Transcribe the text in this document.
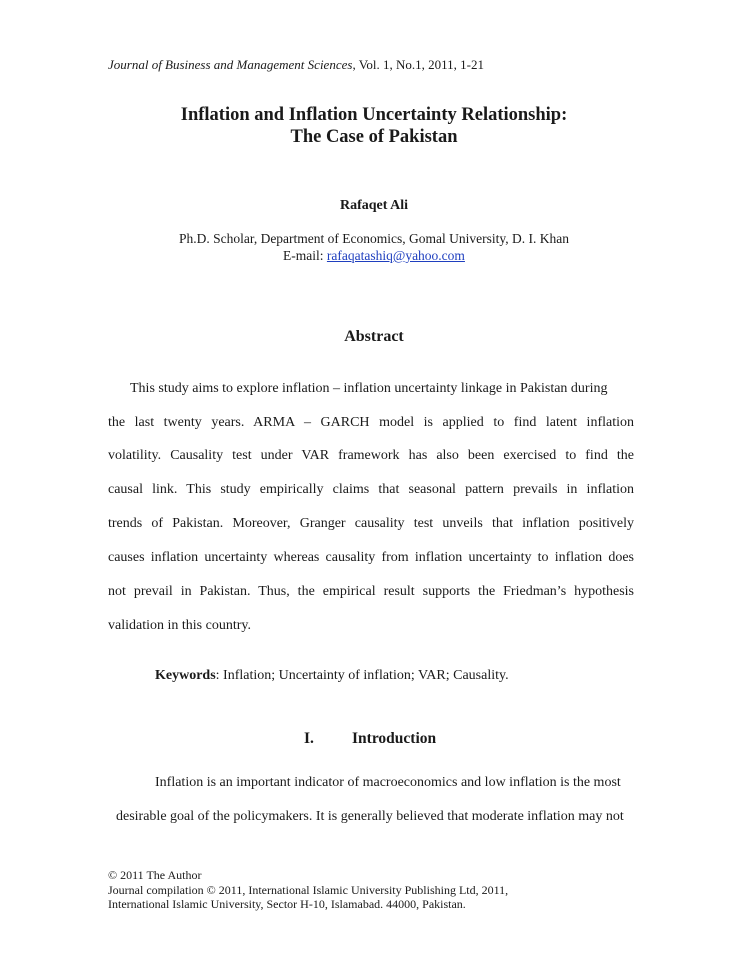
Journal of Business and Management Sciences, Vol. 1, No.1, 2011, 1-21
Inflation and Inflation Uncertainty Relationship:
The Case of Pakistan
Rafaqet Ali
Ph.D. Scholar, Department of Economics, Gomal University, D. I. Khan
E-mail: rafaqatashiq@yahoo.com
Abstract
This study aims to explore inflation – inflation uncertainty linkage in Pakistan during
the last twenty years. ARMA – GARCH model is applied to find latent inflation
volatility. Causality test under VAR framework has also been exercised to find the
causal link. This study empirically claims that seasonal pattern prevails in inflation
trends of Pakistan. Moreover, Granger causality test unveils that inflation positively
causes inflation uncertainty whereas causality from inflation uncertainty to inflation does
not prevail in Pakistan. Thus, the empirical result supports the Friedman’s hypothesis
validation in this country.
Keywords: Inflation; Uncertainty of inflation; VAR; Causality.
I. Introduction
Inflation is an important indicator of macroeconomics and low inflation is the most
desirable goal of the policymakers. It is generally believed that moderate inflation may not
© 2011 The Author
Journal compilation © 2011, International Islamic University Publishing Ltd, 2011,
International Islamic University, Sector H-10, Islamabad. 44000, Pakistan.
